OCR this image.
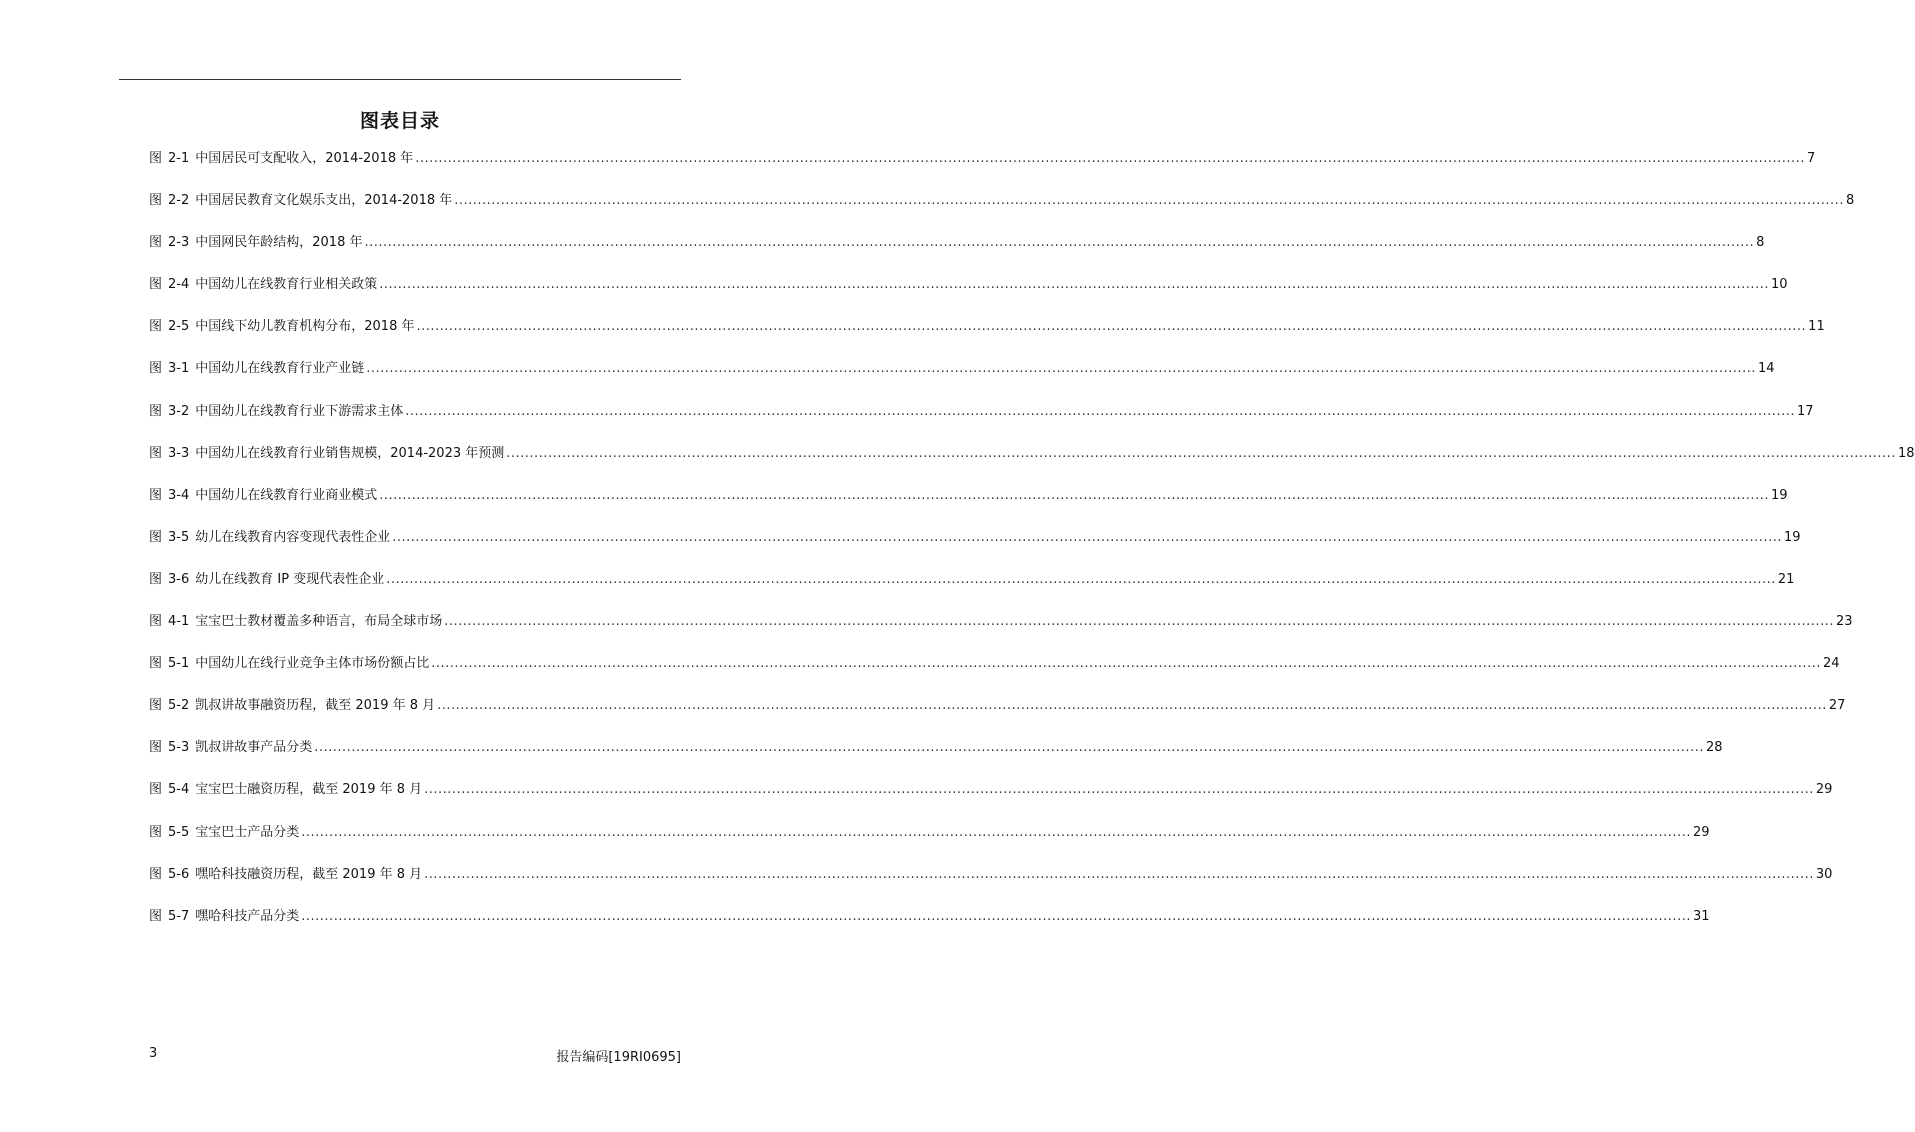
图表目录
图 2-1 中国居民可支配收入，2014-2018 年 ............................................................................................................................................................................................................................................................................................................ 7
图 2-2 中国居民教育文化娱乐支出，2014-2018 年 ............................................................................................................................................................................................................................................................................................................ 8
图 2-3 中国网民年龄结构，2018 年 ............................................................................................................................................................................................................................................................................................................ 8
图 2-4 中国幼儿在线教育行业相关政策 ............................................................................................................................................................................................................................................................................................................ 10
图 2-5 中国线下幼儿教育机构分布，2018 年 ............................................................................................................................................................................................................................................................................................................ 11
图 3-1 中国幼儿在线教育行业产业链 ............................................................................................................................................................................................................................................................................................................ 14
图 3-2 中国幼儿在线教育行业下游需求主体 ............................................................................................................................................................................................................................................................................................................ 17
图 3-3 中国幼儿在线教育行业销售规模，2014-2023 年预测 ............................................................................................................................................................................................................................................................................................................ 18
图 3-4 中国幼儿在线教育行业商业模式 ............................................................................................................................................................................................................................................................................................................ 19
图 3-5 幼儿在线教育内容变现代表性企业 ............................................................................................................................................................................................................................................................................................................ 19
图 3-6 幼儿在线教育 IP 变现代表性企业 ............................................................................................................................................................................................................................................................................................................ 21
图 4-1 宝宝巴士教材覆盖多种语言，布局全球市场 ............................................................................................................................................................................................................................................................................................................ 23
图 5-1 中国幼儿在线行业竞争主体市场份额占比 ............................................................................................................................................................................................................................................................................................................ 24
图 5-2 凯叔讲故事融资历程，截至 2019 年 8 月 ............................................................................................................................................................................................................................................................................................................ 27
图 5-3 凯叔讲故事产品分类 ............................................................................................................................................................................................................................................................................................................ 28
图 5-4 宝宝巴士融资历程，截至 2019 年 8 月 ............................................................................................................................................................................................................................................................................................................ 29
图 5-5 宝宝巴士产品分类 ............................................................................................................................................................................................................................................................................................................ 29
图 5-6 嘿哈科技融资历程，截至 2019 年 8 月 ............................................................................................................................................................................................................................................................................................................ 30
图 5-7 嘿哈科技产品分类 ............................................................................................................................................................................................................................................................................................................ 31
3	报告编码[19RI0695]
